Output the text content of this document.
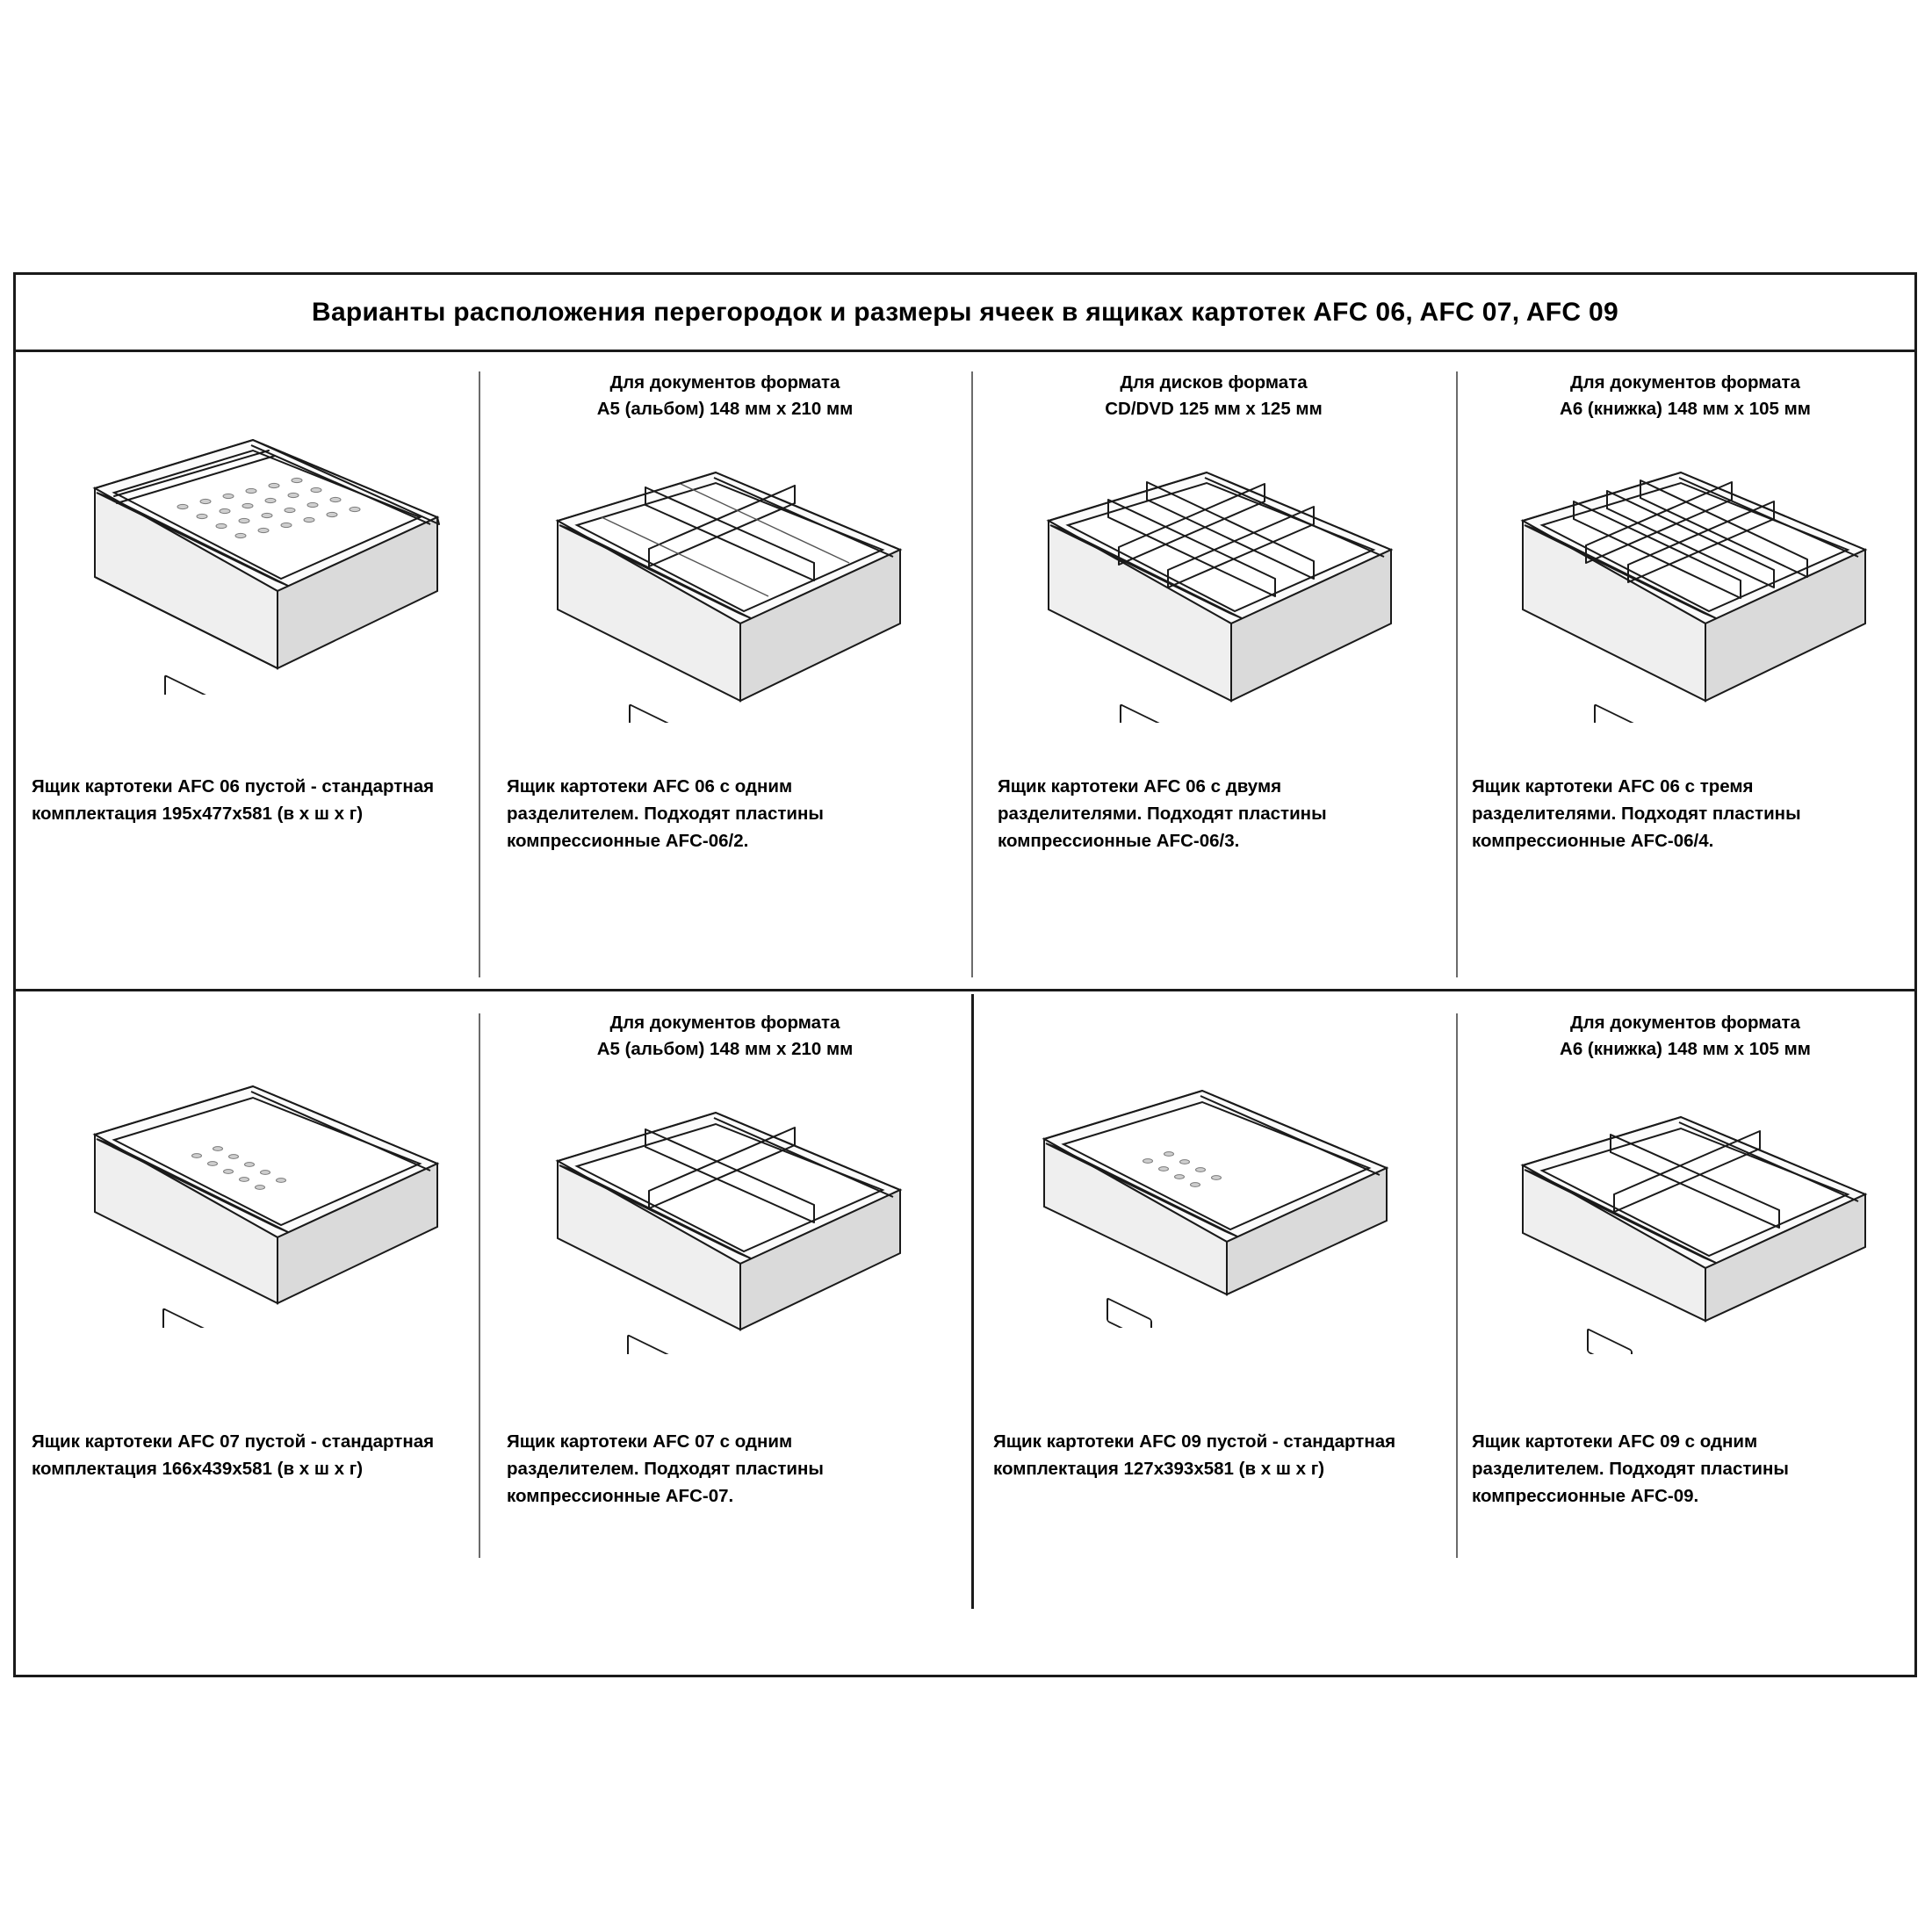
Варианты расположения перегородок и размеры ячеек в ящиках картотек AFC 06, AFC 07, AFC 09
Ящик картотеки AFC 06 пустой - стандартная комплектация 195х477х581 (в х ш х г)
Для документов формата
А5 (альбом) 148 мм х 210 мм
Ящик картотеки AFC 06 с одним разделителем. Подходят пластины компрессионные AFC-06/2.
Для дисков формата
CD/DVD 125 мм х 125 мм
Ящик картотеки AFC 06 с двумя разделителями. Подходят пластины компрессионные AFC-06/3.
Для документов формата
А6 (книжка) 148 мм х 105 мм
Ящик картотеки AFC 06 с тремя разделителями. Подходят пластины компрессионные AFC-06/4.
Ящик картотеки AFC 07 пустой - стандартная комплектация 166х439х581 (в х ш х г)
Для документов формата
А5 (альбом) 148 мм х 210 мм
Ящик картотеки AFC 07 с одним разделителем. Подходят пластины компрессионные AFC-07.
Ящик картотеки AFC 09 пустой - стандартная комплектация 127х393х581 (в х ш х г)
Для документов формата
А6 (книжка) 148 мм х 105 мм
Ящик картотеки AFC 09 с одним разделителем. Подходят пластины компрессионные AFC-09.
